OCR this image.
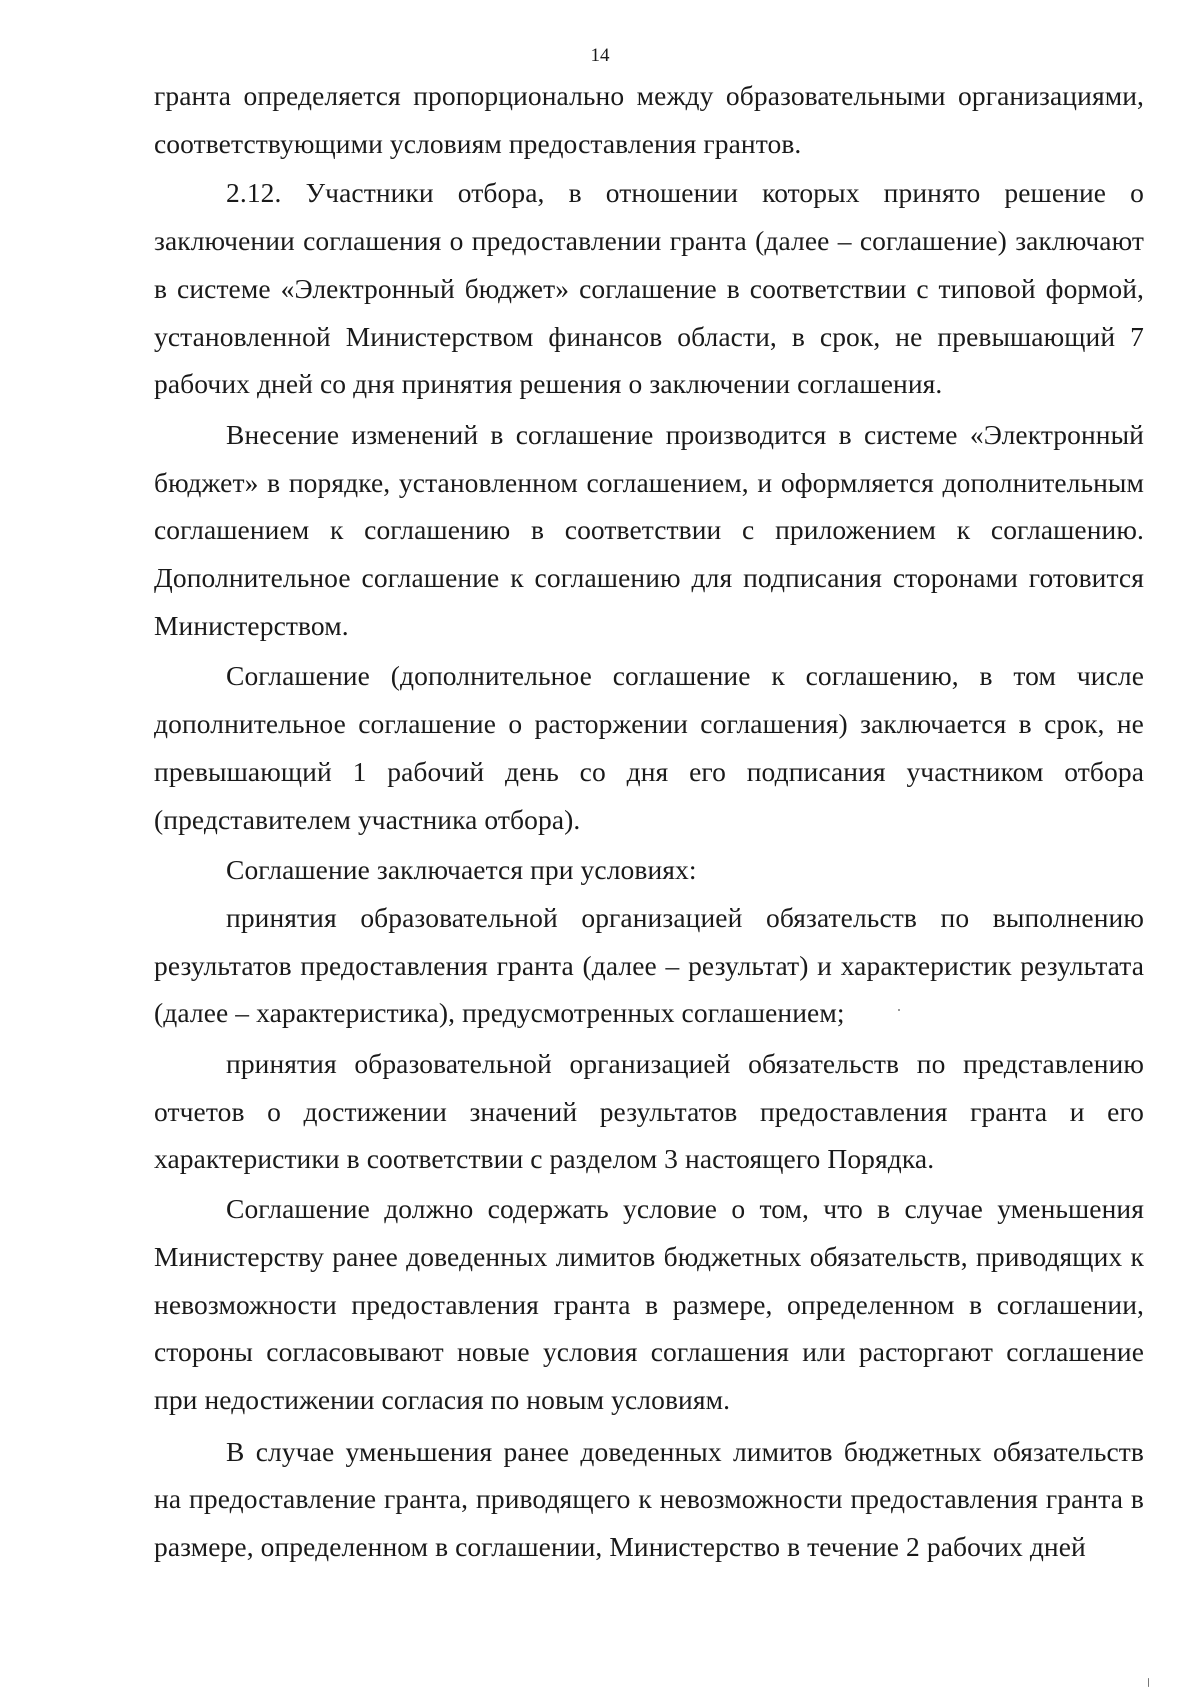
14

гранта определяется пропорционально между образовательными организациями, соответствующими условиям предоставления грантов.

2.12. Участники отбора, в отношении которых принято решение о заключении соглашения о предоставлении гранта (далее – соглашение) заключают в системе «Электронный бюджет» соглашение в соответствии с типовой формой, установленной Министерством финансов области, в срок, не превышающий 7 рабочих дней со дня принятия решения о заключении соглашения.

Внесение изменений в соглашение производится в системе «Электронный бюджет» в порядке, установленном соглашением, и оформляется дополнительным соглашением к соглашению в соответствии с приложением к соглашению. Дополнительное соглашение к соглашению для подписания сторонами готовится Министерством.

Соглашение (дополнительное соглашение к соглашению, в том числе дополнительное соглашение о расторжении соглашения) заключается в срок, не превышающий 1 рабочий день со дня его подписания участником отбора (представителем участника отбора).

Соглашение заключается при условиях:

принятия образовательной организацией обязательств по выполнению результатов предоставления гранта (далее – результат) и характеристик результата (далее – характеристика), предусмотренных соглашением;

принятия образовательной организацией обязательств по представлению отчетов о достижении значений результатов предоставления гранта и его характеристики в соответствии с разделом 3 настоящего Порядка.

Соглашение должно содержать условие о том, что в случае уменьшения Министерству ранее доведенных лимитов бюджетных обязательств, приводящих к невозможности предоставления гранта в размере, определенном в соглашении, стороны согласовывают новые условия соглашения или расторгают соглашение при недостижении согласия по новым условиям.

В случае уменьшения ранее доведенных лимитов бюджетных обязательств на предоставление гранта, приводящего к невозможности предоставления гранта в размере, определенном в соглашении, Министерство в течение 2 рабочих дней
